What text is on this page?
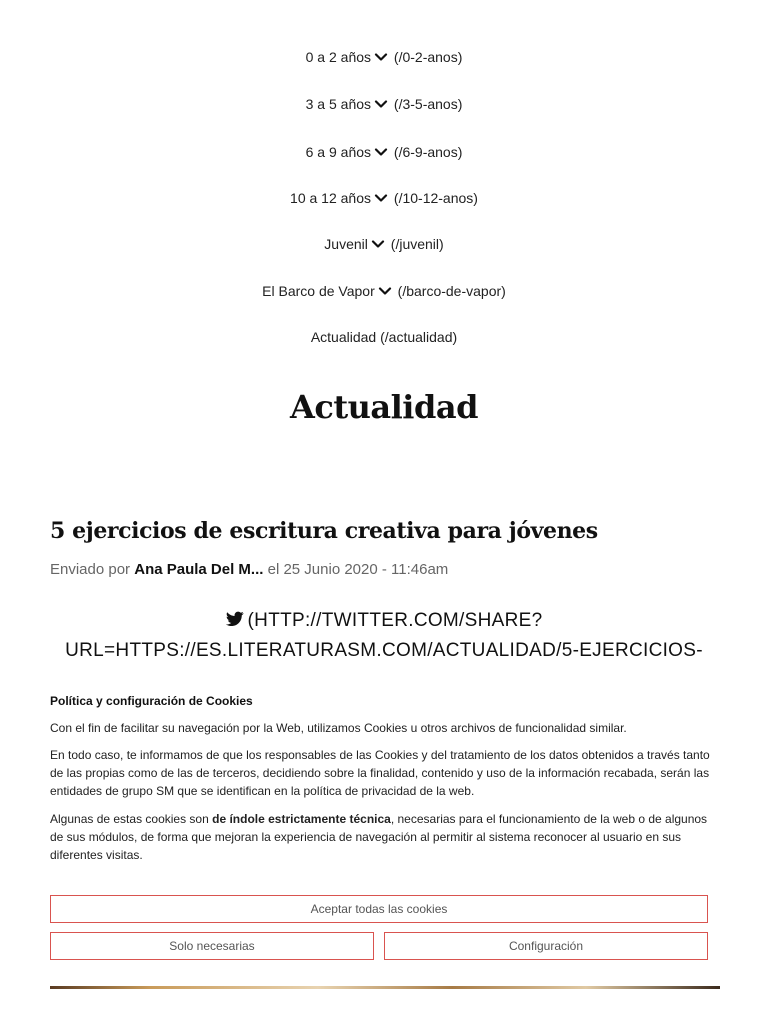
0 a 2 años (/0-2-anos)
3 a 5 años (/3-5-anos)
6 a 9 años (/6-9-anos)
10 a 12 años (/10-12-anos)
Juvenil (/juvenil)
El Barco de Vapor (/barco-de-vapor)
Actualidad (/actualidad)
Actualidad
5 ejercicios de escritura creativa para jóvenes
Enviado por Ana Paula Del M... el 25 Junio 2020 - 11:46am
(HTTP://TWITTER.COM/SHARE?
URL=HTTPS://ES.LITERATURASM.COM/ACTUALIDAD/5-EJERCICIOS-
Política y configuración de Cookies

Con el fin de facilitar su navegación por la Web, utilizamos Cookies u otros archivos de funcionalidad similar.

En todo caso, te informamos de que los responsables de las Cookies y del tratamiento de los datos obtenidos a través tanto de las propias como de las de terceros, decidiendo sobre la finalidad, contenido y uso de la información recabada, serán las entidades de grupo SM que se identifican en la política de privacidad de la web.

Algunas de estas cookies son de índole estrictamente técnica, necesarias para el funcionamiento de la web o de algunos de sus módulos, de forma que mejoran la experiencia de navegación al permitir al sistema reconocer al usuario en sus diferentes visitas.

Aceptar todas las cookies
Solo necesarias	Configuración
